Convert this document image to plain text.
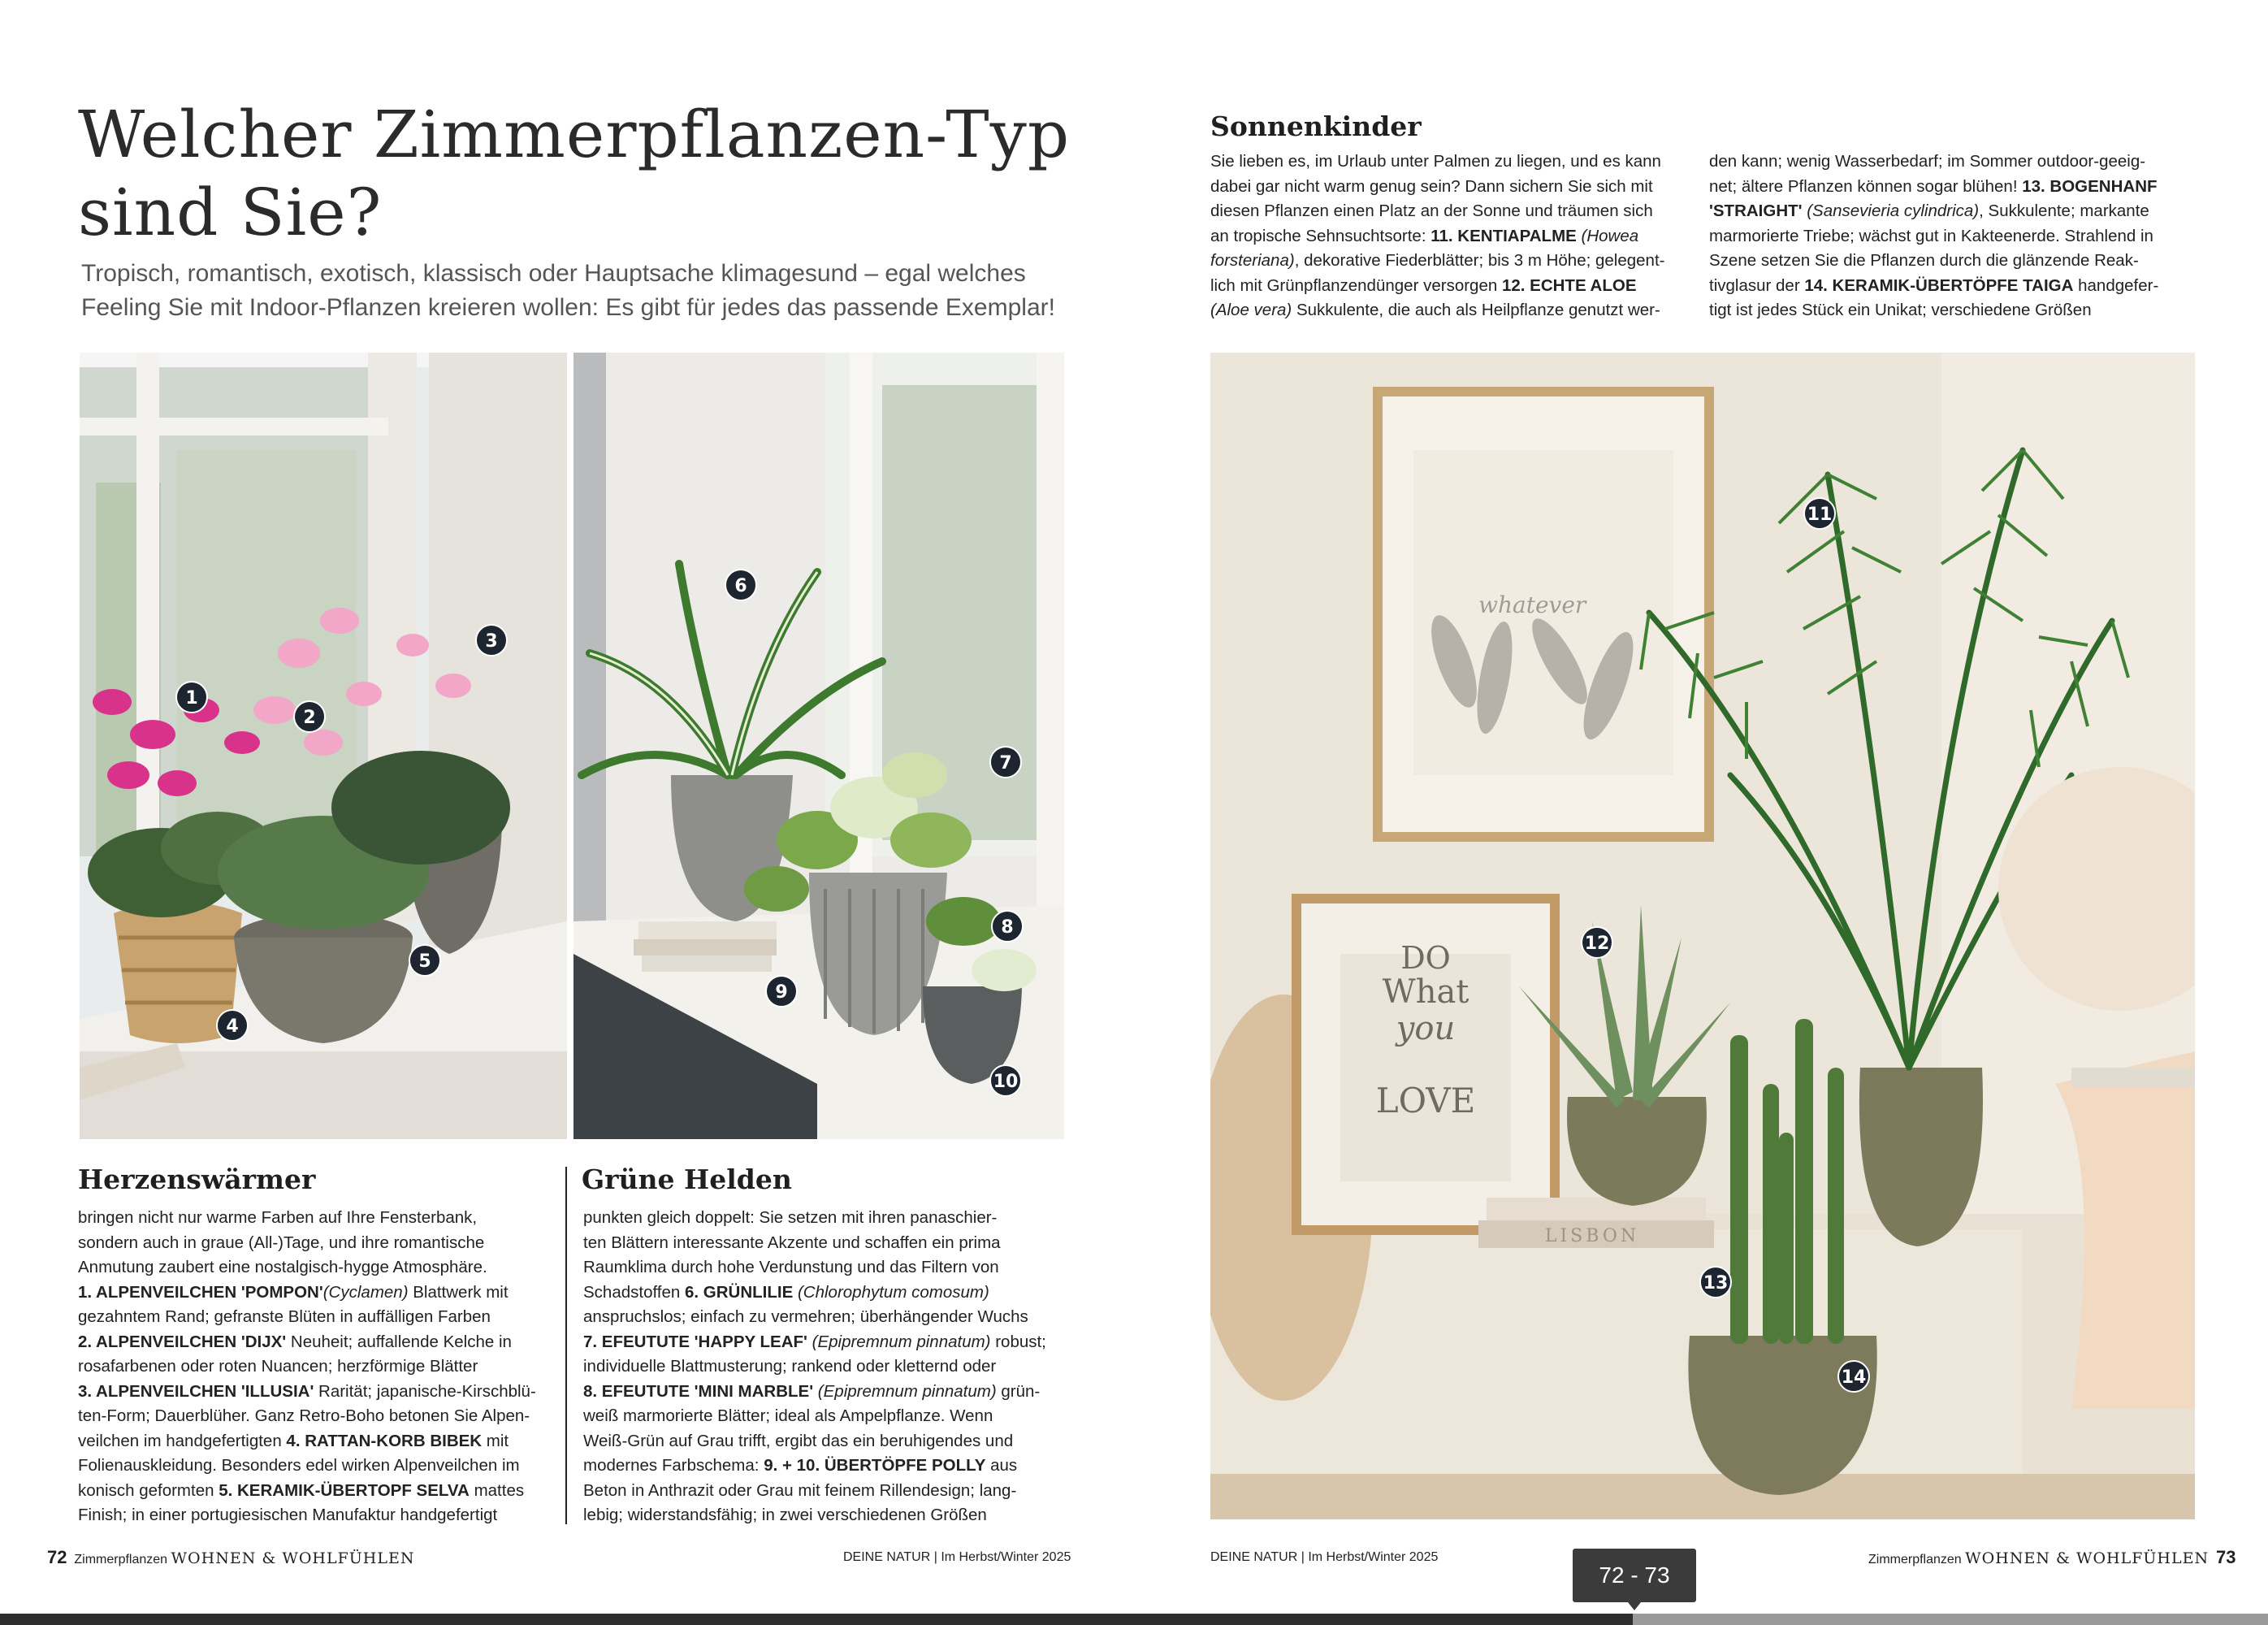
Welcher Zimmerpflanzen-Typ
sind Sie?
Tropisch, romantisch, exotisch, klassisch oder Hauptsache klimagesund – egal welches
Feeling Sie mit Indoor-Pflanzen kreieren wollen: Es gibt für jedes das passende Exemplar!
1
2
3
4
5
6
7
8
9
10
Herzenswärmer

bringen nicht nur warme Farben auf Ihre Fensterbank,

sondern auch in graue (All-)Tage, und ihre romantische

Anmutung zaubert eine nostalgisch-hygge Atmosphäre.

1. ALPENVEILCHEN 'POMPON'(Cyclamen) Blattwerk mit

gezahntem Rand; gefranste Blüten in auffälligen Farben

2. ALPENVEILCHEN 'DIJX' Neuheit; auffallende Kelche in

rosafarbenen oder roten Nuancen; herzförmige Blätter

3. ALPENVEILCHEN 'ILLUSIA' Rarität; japanische-Kirschblü-

ten-Form; Dauerblüher. Ganz Retro-Boho betonen Sie Alpen-

veilchen im handgefertigten 4. RATTAN-KORB BIBEK mit

Folienauskleidung. Besonders edel wirken Alpenveilchen im

konisch geformten 5. KERAMIK-ÜBERTOPF SELVA mattes

Finish; in einer portugiesischen Manufaktur handgefertigt

Grüne Helden

punkten gleich doppelt: Sie setzen mit ihren panaschier-

ten Blättern interessante Akzente und schaffen ein prima

Raumklima durch hohe Verdunstung und das Filtern von

Schadstoffen 6. GRÜNLILIE (Chlorophytum comosum)

anspruchslos; einfach zu vermehren; überhängender Wuchs

7. EFEUTUTE 'HAPPY LEAF' (Epipremnum pinnatum) robust;

individuelle Blattmusterung; rankend oder kletternd oder

8. EFEUTUTE 'MINI MARBLE' (Epipremnum pinnatum) grün-

weiß marmorierte Blätter; ideal als Ampelpflanze. Wenn

Weiß-Grün auf Grau trifft, ergibt das ein beruhigendes und

modernes Farbschema: 9. + 10. ÜBERTÖPFE POLLY aus

Beton in Anthrazit oder Grau mit feinem Rillendesign; lang-

lebig; widerstandsfähig; in zwei verschiedenen Größen

72 Zimmerpflanzen WOHNEN & WOHLFÜHLEN	DEINE NATUR | Im Herbst/Winter 2025
Sonnenkinder

Sie lieben es, im Urlaub unter Palmen zu liegen, und es kann

dabei gar nicht warm genug sein? Dann sichern Sie sich mit

diesen Pflanzen einen Platz an der Sonne und träumen sich

an tropische Sehnsuchtsorte: 11. KENTIAPALME (Howea

forsteriana), dekorative Fiederblätter; bis 3 m Höhe; gelegent-

lich mit Grünpflanzendünger versorgen 12. ECHTE ALOE

(Aloe vera) Sukkulente, die auch als Heilpflanze genutzt wer-

den kann; wenig Wasserbedarf; im Sommer outdoor-geeig-

net; ältere Pflanzen können sogar blühen! 13. BOGENHANF

'STRAIGHT' (Sansevieria cylindrica), Sukkulente; markante

marmorierte Triebe; wächst gut in Kakteenerde. Strahlend in

Szene setzen Sie die Pflanzen durch die glänzende Reak-

tivglasur der 14. KERAMIK-ÜBERTÖPFE TAIGA handgefer-

tigt ist jedes Stück ein Unikat; verschiedene Größen

whatever
What
you
DO
LOVE
LISBON
11
12
13
14
DEINE NATUR | Im Herbst/Winter 2025	Zimmerpflanzen WOHNEN & WOHLFÜHLEN 73
72 - 73
